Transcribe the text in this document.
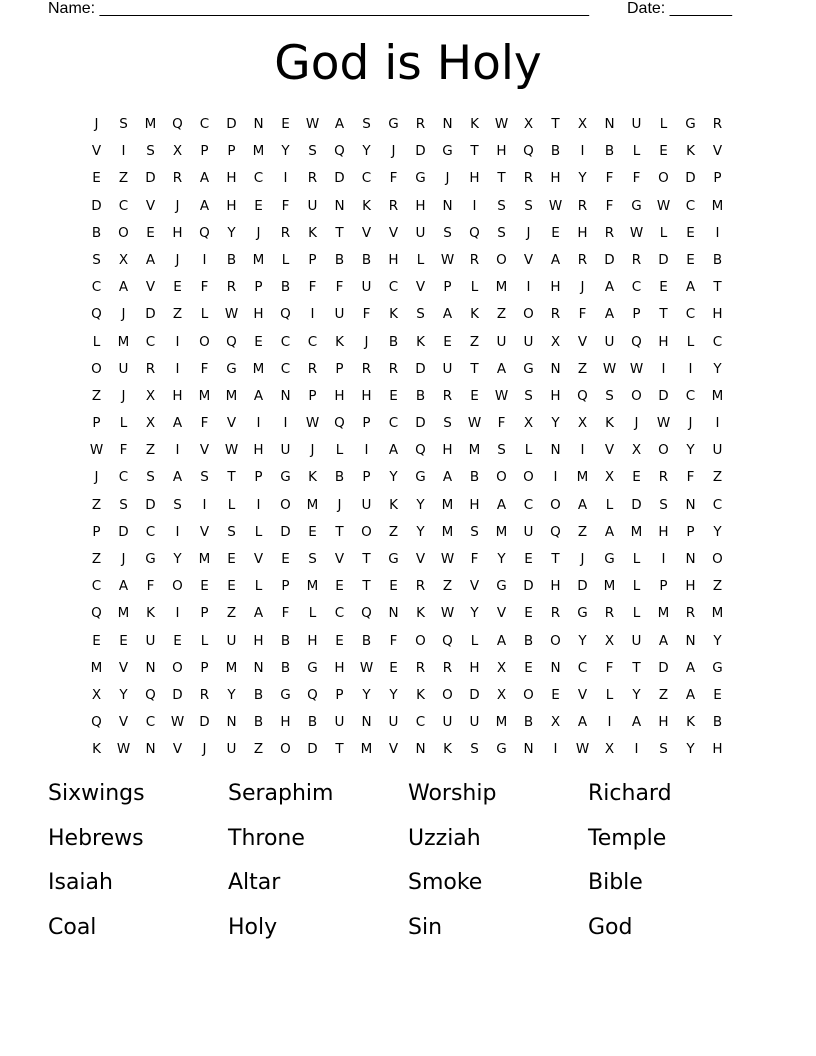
Name: _______________________________________________________ Date: _______
God is Holy
J	S	M	Q	C	D	N	E	W	A	S	G	R	N	K	W	X	T	X	N	U	L	G	R
V	I	S	X	P	P	M	Y	S	Q	Y	J	D	G	T	H	Q	B	I	B	L	E	K	V
E	Z	D	R	A	H	C	I	R	D	C	F	G	J	H	T	R	H	Y	F	F	O	D	P
D	C	V	J	A	H	E	F	U	N	K	R	H	N	I	S	S	W	R	F	G	W	C	M
B	O	E	H	Q	Y	J	R	K	T	V	V	U	S	Q	S	J	E	H	R	W	L	E	I
S	X	A	J	I	B	M	L	P	B	B	H	L	W	R	O	V	A	R	D	R	D	E	B
C	A	V	E	F	R	P	B	F	F	U	C	V	P	L	M	I	H	J	A	C	E	A	T
Q	J	D	Z	L	W	H	Q	I	U	F	K	S	A	K	Z	O	R	F	A	P	T	C	H
L	M	C	I	O	Q	E	C	C	K	J	B	K	E	Z	U	U	X	V	U	Q	H	L	C
O	U	R	I	F	G	M	C	R	P	R	R	D	U	T	A	G	N	Z	W	W	I	I	Y
Z	J	X	H	M	M	A	N	P	H	H	E	B	R	E	W	S	H	Q	S	O	D	C	M
P	L	X	A	F	V	I	I	W	Q	P	C	D	S	W	F	X	Y	X	K	J	W	J	I
W	F	Z	I	V	W	H	U	J	L	I	A	Q	H	M	S	L	N	I	V	X	O	Y	U
J	C	S	A	S	T	P	G	K	B	P	Y	G	A	B	O	O	I	M	X	E	R	F	Z
Z	S	D	S	I	L	I	O	M	J	U	K	Y	M	H	A	C	O	A	L	D	S	N	C
P	D	C	I	V	S	L	D	E	T	O	Z	Y	M	S	M	U	Q	Z	A	M	H	P	Y
Z	J	G	Y	M	E	V	E	S	V	T	G	V	W	F	Y	E	T	J	G	L	I	N	O
C	A	F	O	E	E	L	P	M	E	T	E	R	Z	V	G	D	H	D	M	L	P	H	Z
Q	M	K	I	P	Z	A	F	L	C	Q	N	K	W	Y	V	E	R	G	R	L	M	R	M
E	E	U	E	L	U	H	B	H	E	B	F	O	Q	L	A	B	O	Y	X	U	A	N	Y
M	V	N	O	P	M	N	B	G	H	W	E	R	R	H	X	E	N	C	F	T	D	A	G
X	Y	Q	D	R	Y	B	G	Q	P	Y	Y	K	O	D	X	O	E	V	L	Y	Z	A	E
Q	V	C	W	D	N	B	H	B	U	N	U	C	U	U	M	B	X	A	I	A	H	K	B
K	W	N	V	J	U	Z	O	D	T	M	V	N	K	S	G	N	I	W	X	I	S	Y	H
Sixwings	Seraphim	Worship	Richard
Hebrews	Throne	Uzziah	Temple
Isaiah	Altar	Smoke	Bible
Coal	Holy	Sin	God
